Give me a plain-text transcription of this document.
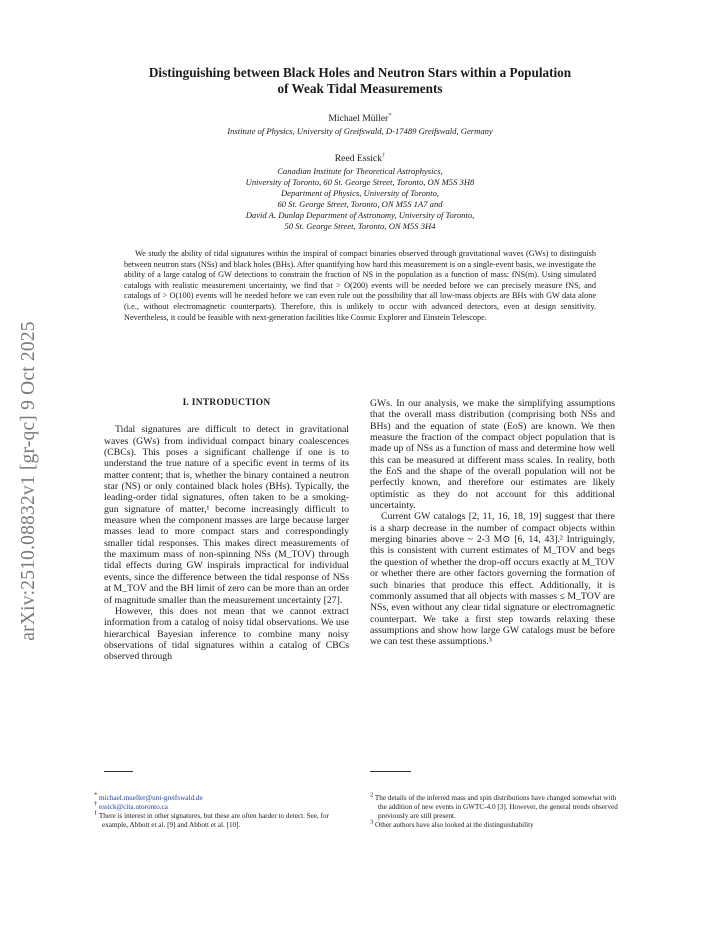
arXiv:2510.08832v1 [gr-qc] 9 Oct 2025
Distinguishing between Black Holes and Neutron Stars within a Population
of Weak Tidal Measurements
Michael Müller*
Institute of Physics, University of Greifswald, D-17489 Greifswald, Germany
Reed Essick†
Canadian Institute for Theoretical Astrophysics,
University of Toronto, 60 St. George Street, Toronto, ON M5S 3H8
Department of Physics, University of Toronto,
60 St. George Street, Toronto, ON M5S 1A7 and
David A. Dunlap Department of Astronomy, University of Toronto,
50 St. George Street, Toronto, ON M5S 3H4

We study the ability of tidal signatures within the inspiral of compact binaries observed through gravitational waves (GWs) to distinguish between neutron stars (NSs) and black holes (BHs). After quantifying how hard this measurement is on a single-event basis, we investigate the ability of a large catalog of GW detections to constrain the fraction of NS in the population as a function of mass: fNS(m). Using simulated catalogs with realistic measurement uncertainty, we find that > O(200) events will be needed before we can precisely measure fNS, and catalogs of > O(100) events will be needed before we can even rule out the possibility that all low-mass objects are BHs with GW data alone (i.e., without electromagnetic counterparts). Therefore, this is unlikely to occur with advanced detectors, even at design sensitivity. Nevertheless, it could be feasible with next-generation facilities like Cosmic Explorer and Einstein Telescope.

I. INTRODUCTION

Tidal signatures are difficult to detect in gravitational waves (GWs) from individual compact binary coalescences (CBCs). This poses a significant challenge if one is to understand the true nature of a specific event in terms of its matter content; that is, whether the binary contained a neutron star (NS) or only contained black holes (BHs). Typically, the leading-order tidal signatures, often taken to be a smoking-gun signature of matter,¹ become increasingly difficult to measure when the component masses are large because larger masses lead to more compact stars and correspondingly smaller tidal responses. This makes direct measurements of the maximum mass of non-spinning NSs (M_TOV) through tidal effects during GW inspirals impractical for individual events, since the difference between the tidal response of NSs at M_TOV and the BH limit of zero can be more than an order of magnitude smaller than the measurement uncertainty [27].

However, this does not mean that we cannot extract information from a catalog of noisy tidal observations. We use hierarchical Bayesian inference to combine many noisy observations of tidal signatures within a catalog of CBCs observed through

GWs. In our analysis, we make the simplifying assumptions that the overall mass distribution (comprising both NSs and BHs) and the equation of state (EoS) are known. We then measure the fraction of the compact object population that is made up of NSs as a function of mass and determine how well this can be measured at different mass scales. In reality, both the EoS and the shape of the overall population will not be perfectly known, and therefore our estimates are likely optimistic as they do not account for this additional uncertainty.

Current GW catalogs [2, 11, 16, 18, 19] suggest that there is a sharp decrease in the number of compact objects within merging binaries above ~ 2-3 M⊙ [6, 14, 43].² Intriguingly, this is consistent with current estimates of M_TOV and begs the question of whether the drop-off occurs exactly at M_TOV or whether there are other factors governing the formation of such binaries that produce this effect. Additionally, it is commonly assumed that all objects with masses ≤ M_TOV are NSs, even without any clear tidal signature or electromagnetic counterpart. We take a first step towards relaxing these assumptions and show how large GW catalogs must be before we can test these assumptions.³

* michael.mueller@uni-greifswald.de
† essick@cita.utoronto.ca
$^1$ There is interest in other signatures, but these are often harder to detect. See, for example, Abbott et al. [9] and Abbott et al. [10].
$^2$ The details of the inferred mass and spin distributions have changed somewhat with the addition of new events in GWTC-4.0 [3]. However, the general trends observed previously are still present.
$^3$ Other authors have also looked at the distinguishability
